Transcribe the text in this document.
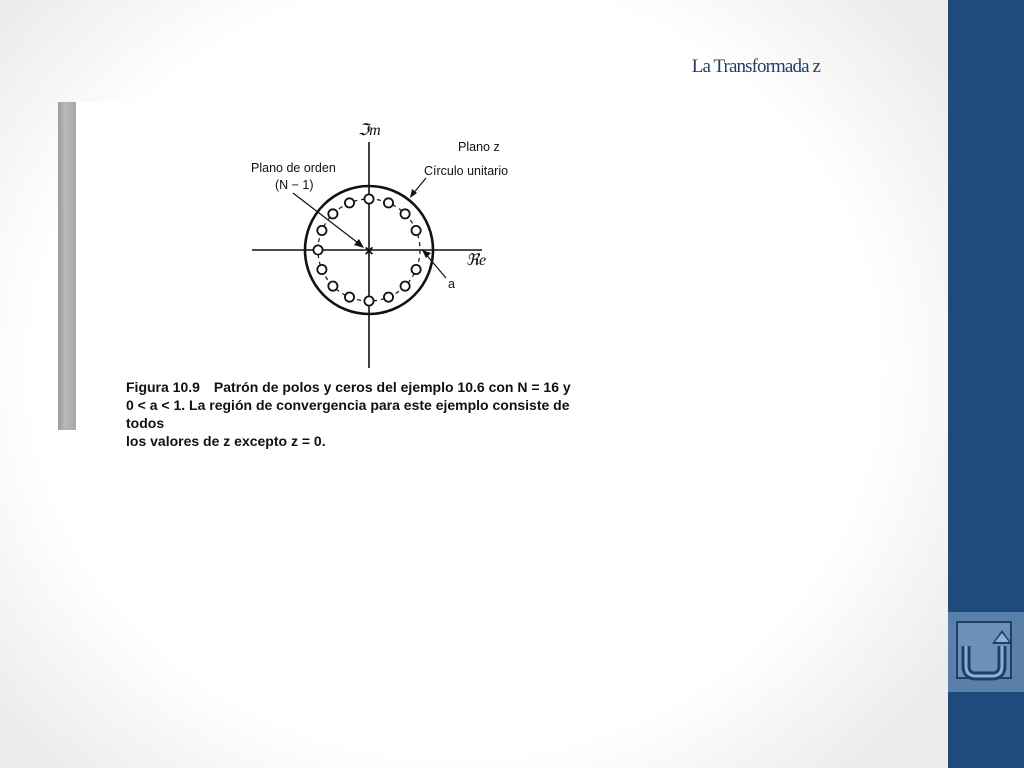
La Transformada z
×
ℑm
ℜe
Plano z
Círculo unitario
Plano de orden
(N − 1)
a
Figura 10.9 Patrón de polos y ceros del ejemplo 10.6 con N = 16 y
0 < a < 1. La región de convergencia para este ejemplo consiste de todos
los valores de z excepto z = 0.
